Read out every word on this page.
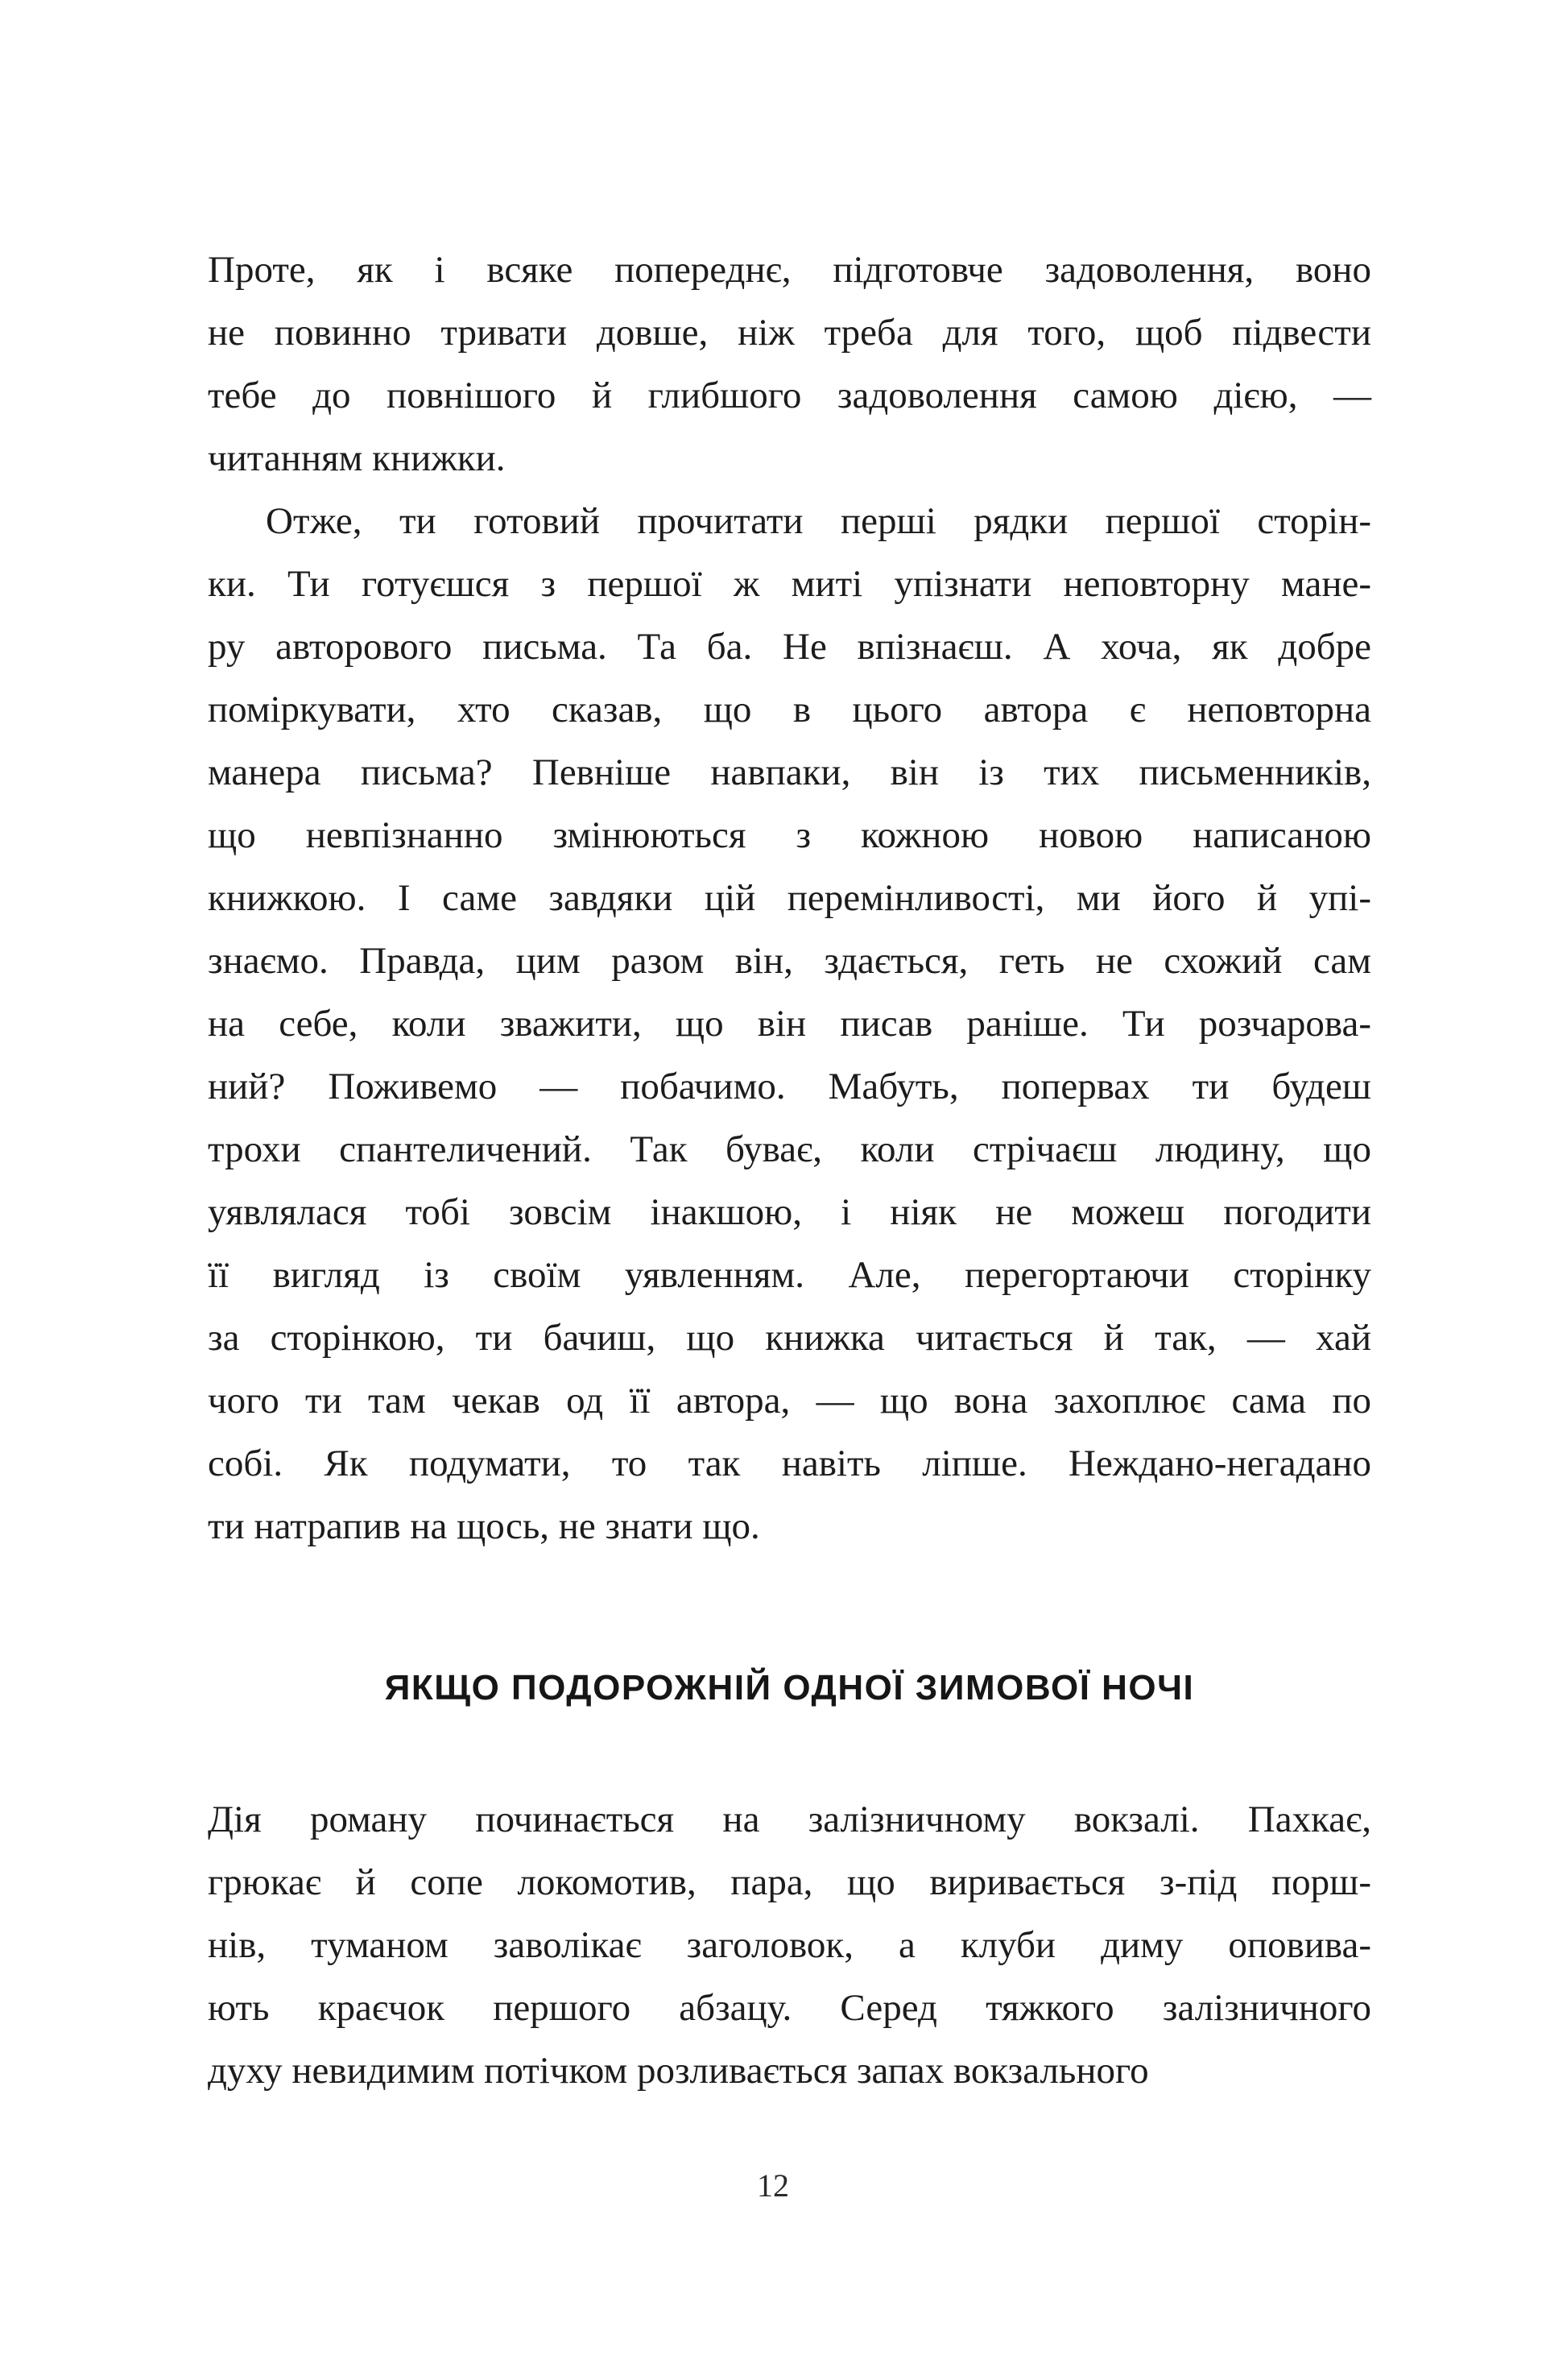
Проте, як і всяке попереднє, підготовче задоволення, воно
не повинно тривати довше, ніж треба для того, щоб підвести
тебе до повнішого й глибшого задоволення самою дією, —
читанням книжки.
Отже, ти готовий прочитати перші рядки першої сторін-
ки. Ти готуєшся з першої ж миті упізнати неповторну мане-
ру авторового письма. Та ба. Не впізнаєш. А хоча, як добре
поміркувати, хто сказав, що в цього автора є неповторна
манера письма? Певніше навпаки, він із тих письменників,
що невпізнанно змінюються з кожною новою написаною
книжкою. І саме завдяки цій перемінливості, ми його й упі-
знаємо. Правда, цим разом він, здається, геть не схожий сам
на себе, коли зважити, що він писав раніше. Ти розчарова-
ний? Поживемо — побачимо. Мабуть, попервах ти будеш
трохи спантеличений. Так буває, коли стрічаєш людину, що
уявлялася тобі зовсім інакшою, і ніяк не можеш погодити
її вигляд із своїм уявленням. Але, перегортаючи сторінку
за сторінкою, ти бачиш, що книжка читається й так, — хай
чого ти там чекав од її автора, — що вона захоплює сама по
собі. Як подумати, то так навіть ліпше. Неждано-негадано
ти натрапив на щось, не знати що.
ЯКЩО ПОДОРОЖНІЙ ОДНОЇ ЗИМОВОЇ НОЧІ
Дія роману починається на залізничному вокзалі. Пахкає,
грюкає й сопе локомотив, пара, що виривається з-під порш-
нів, туманом заволікає заголовок, а клуби диму оповива-
ють краєчок першого абзацу. Серед тяжкого залізничного
духу невидимим потічком розливається запах вокзального
12
